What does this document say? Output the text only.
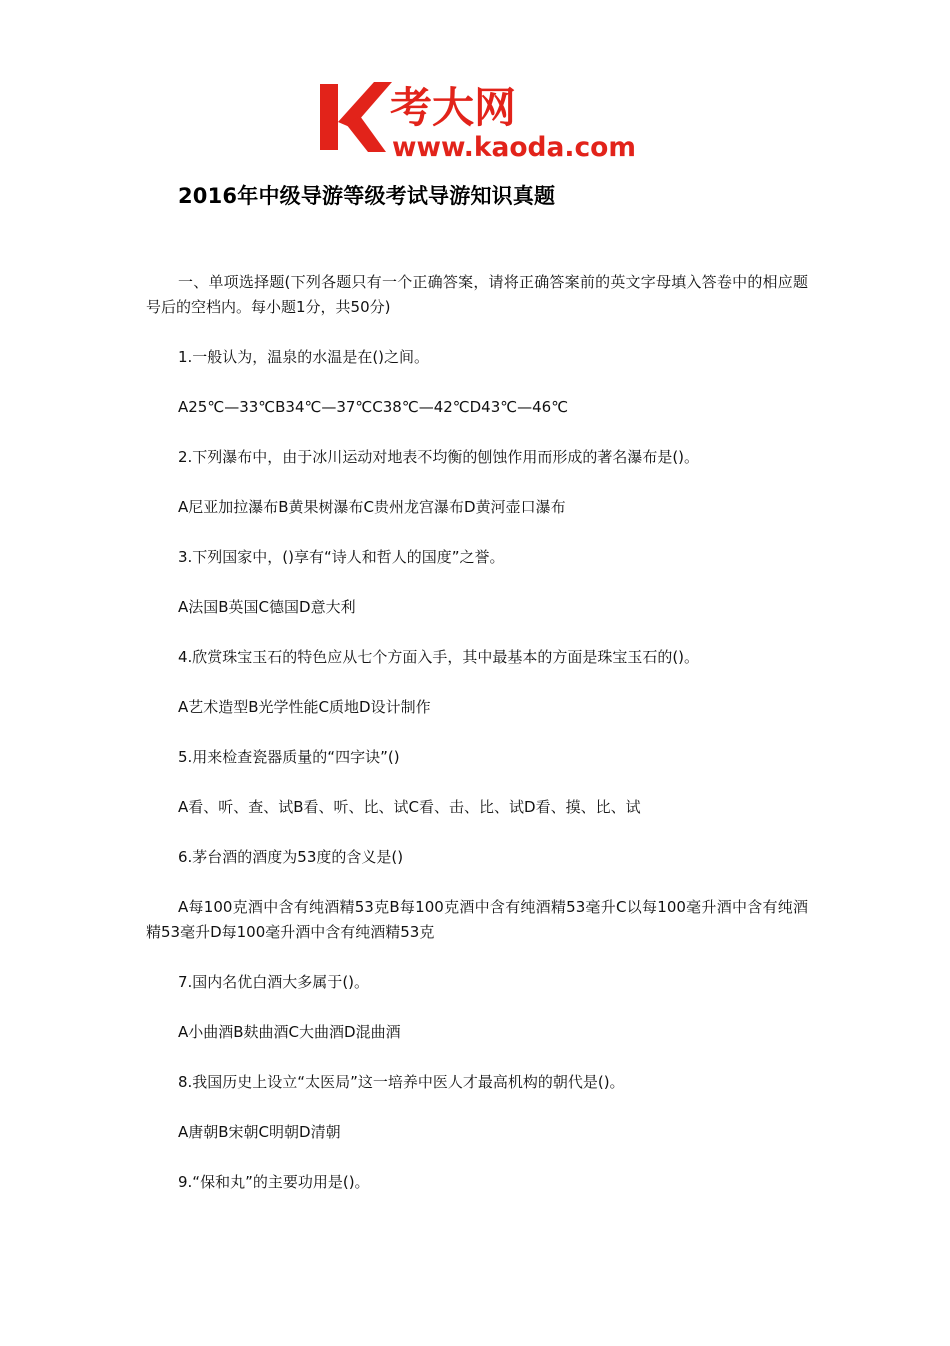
考大网
www.kaoda.com
2016年中级导游等级考试导游知识真题

一、单项选择题(下列各题只有一个正确答案，请将正确答案前的英文字母填入答卷中的相应题号后的空档内。每小题1分，共50分)

1.一般认为，温泉的水温是在()之间。

A25℃—33℃B34℃—37℃C38℃—42℃D43℃—46℃

2.下列瀑布中，由于冰川运动对地表不均衡的刨蚀作用而形成的著名瀑布是()。

A尼亚加拉瀑布B黄果树瀑布C贵州龙宫瀑布D黄河壶口瀑布

3.下列国家中，()享有“诗人和哲人的国度”之誉。

A法国B英国C德国D意大利

4.欣赏珠宝玉石的特色应从七个方面入手，其中最基本的方面是珠宝玉石的()。

A艺术造型B光学性能C质地D设计制作

5.用来检查瓷器质量的“四字诀”()

A看、听、查、试B看、听、比、试C看、击、比、试D看、摸、比、试

6.茅台酒的酒度为53度的含义是()

A每100克酒中含有纯酒精53克B每100克酒中含有纯酒精53毫升C以每100毫升酒中含有纯酒精53毫升D每100毫升酒中含有纯酒精53克

7.国内名优白酒大多属于()。

A小曲酒B麸曲酒C大曲酒D混曲酒

8.我国历史上设立“太医局”这一培养中医人才最高机构的朝代是()。

A唐朝B宋朝C明朝D清朝

9.“保和丸”的主要功用是()。
